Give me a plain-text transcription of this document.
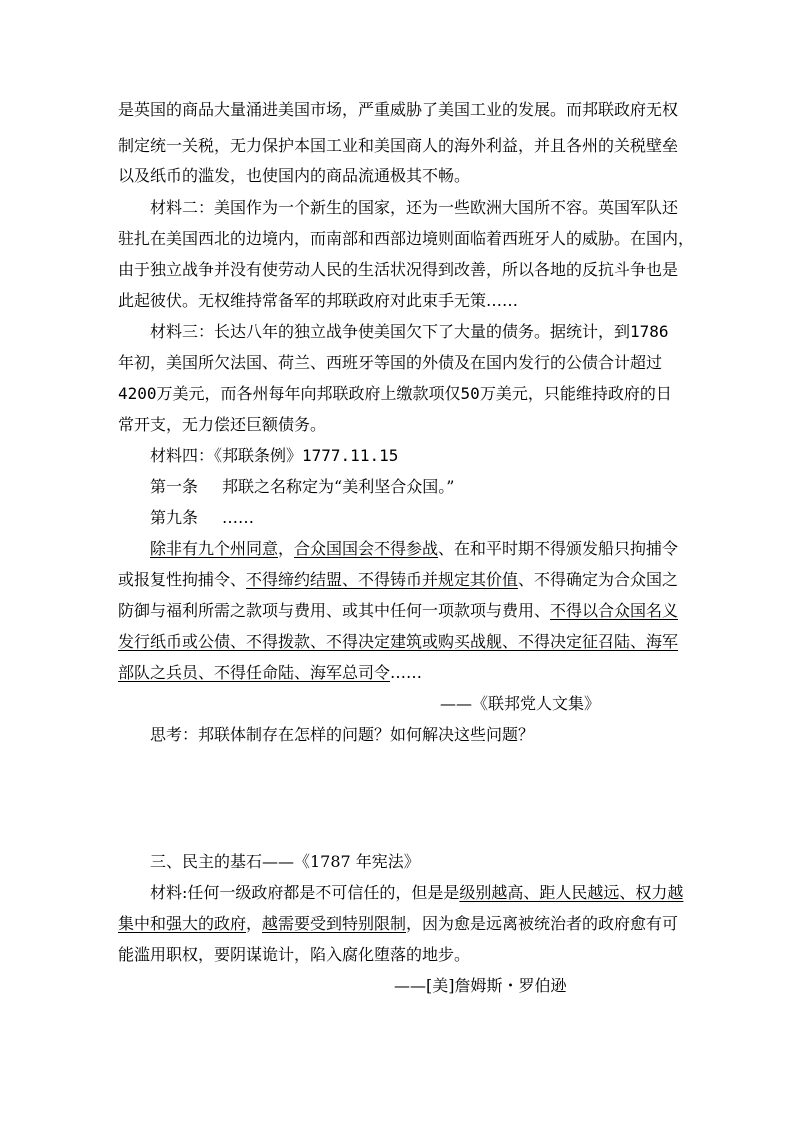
是英国的商品大量涌进美国市场，严重威胁了美国工业的发展。而邦联政府无权
制定统一关税，无力保护本国工业和美国商人的海外利益，并且各州的关税壁垒
以及纸币的滥发，也使国内的商品流通极其不畅。
材料二：美国作为一个新生的国家，还为一些欧洲大国所不容。英国军队还
驻扎在美国西北的边境内，而南部和西部边境则面临着西班牙人的威胁。在国内，
由于独立战争并没有使劳动人民的生活状况得到改善，所以各地的反抗斗争也是
此起彼伏。无权维持常备军的邦联政府对此束手无策……
材料三：长达八年的独立战争使美国欠下了大量的债务。据统计，到1786
年初，美国所欠法国、荷兰、西班牙等国的外债及在国内发行的公债合计超过
4200万美元，而各州每年向邦联政府上缴款项仅50万美元，只能维持政府的日
常开支，无力偿还巨额债务。
材料四：《邦联条例》1777.11.15
第一条 邦联之名称定为“美利坚合众国。”
第九条 ……
除非有九个州同意，合众国国会不得参战、在和平时期不得颁发船只拘捕令
或报复性拘捕令、不得缔约结盟、不得铸币并规定其价值、不得确定为合众国之
防御与福利所需之款项与费用、或其中任何一项款项与费用、不得以合众国名义
发行纸币或公债、不得拨款、不得决定建筑或购买战舰、不得决定征召陆、海军
部队之兵员、不得任命陆、海军总司令……
——《联邦党人文集》
思考：邦联体制存在怎样的问题？如何解决这些问题？
三、民主的基石——《1787 年宪法》
材料:任何一级政府都是不可信任的，但是是级别越高、距人民越远、权力越
集中和强大的政府，越需要受到特别限制，因为愈是远离被统治者的政府愈有可
能滥用职权，要阴谋诡计，陷入腐化堕落的地步。
——[美]詹姆斯・罗伯逊
